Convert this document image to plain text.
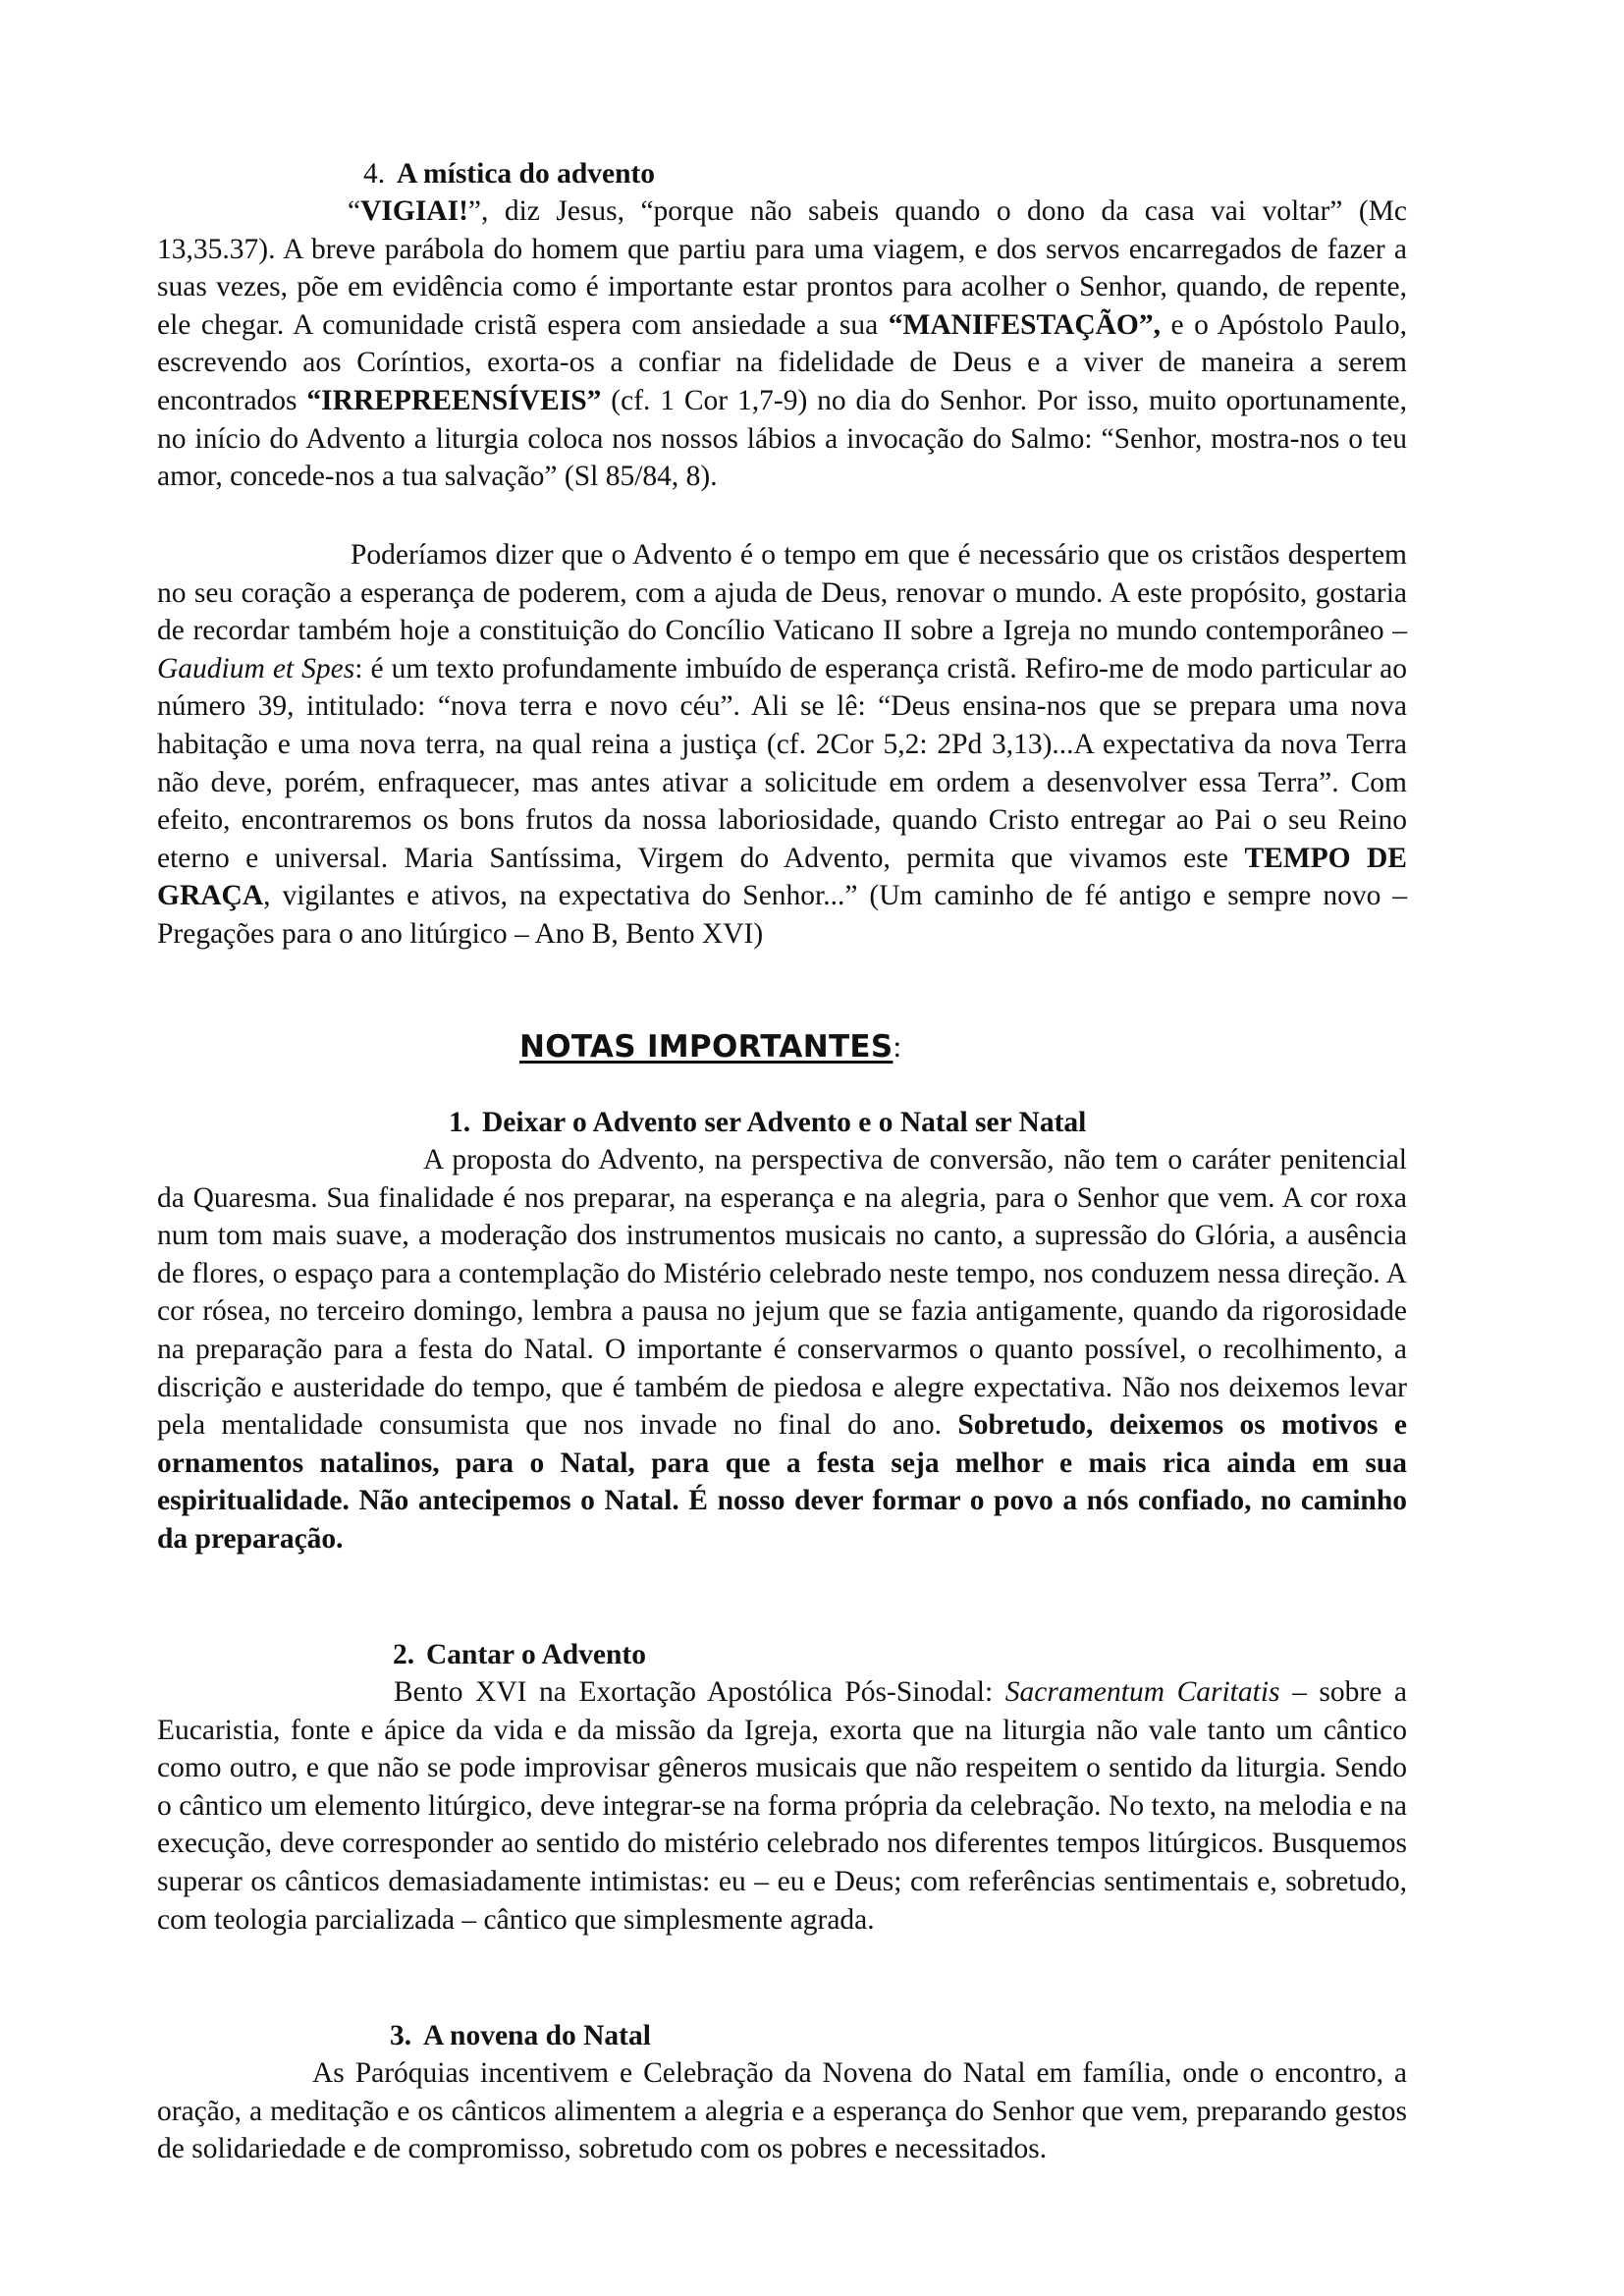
4. A mística do advento

“VIGIAI!”, diz Jesus, “porque não sabeis quando o dono da casa vai voltar” (Mc 13,35.37). A breve parábola do homem que partiu para uma viagem, e dos servos encarregados de fazer a suas vezes, põe em evidência como é importante estar prontos para acolher o Senhor, quando, de repente, ele chegar. A comunidade cristã espera com ansiedade a sua “MANIFESTAÇÃO”, e o Apóstolo Paulo, escrevendo aos Coríntios, exorta-os a confiar na fidelidade de Deus e a viver de maneira a serem encontrados “IRREPREENSÍVEIS” (cf. 1 Cor 1,7-9) no dia do Senhor. Por isso, muito oportunamente, no início do Advento a liturgia coloca nos nossos lábios a invocação do Salmo: “Senhor, mostra-nos o teu amor, concede-nos a tua salvação” (Sl 85/84, 8).

Poderíamos dizer que o Advento é o tempo em que é necessário que os cristãos despertem no seu coração a esperança de poderem, com a ajuda de Deus, renovar o mundo. A este propósito, gostaria de recordar também hoje a constituição do Concílio Vaticano II sobre a Igreja no mundo contemporâneo – Gaudium et Spes: é um texto profundamente imbuído de esperança cristã. Refiro-me de modo particular ao número 39, intitulado: “nova terra e novo céu”. Ali se lê: “Deus ensina-nos que se prepara uma nova habitação e uma nova terra, na qual reina a justiça (cf. 2Cor 5,2: 2Pd 3,13)...A expectativa da nova Terra não deve, porém, enfraquecer, mas antes ativar a solicitude em ordem a desenvolver essa Terra”. Com efeito, encontraremos os bons frutos da nossa laboriosidade, quando Cristo entregar ao Pai o seu Reino eterno e universal. Maria Santíssima, Virgem do Advento, permita que vivamos este TEMPO DE GRAÇA, vigilantes e ativos, na expectativa do Senhor...” (Um caminho de fé antigo e sempre novo – Pregações para o ano litúrgico – Ano B, Bento XVI)

NOTAS IMPORTANTES:
1. Deixar o Advento ser Advento e o Natal ser Natal

A proposta do Advento, na perspectiva de conversão, não tem o caráter penitencial da Quaresma. Sua finalidade é nos preparar, na esperança e na alegria, para o Senhor que vem. A cor roxa num tom mais suave, a moderação dos instrumentos musicais no canto, a supressão do Glória, a ausência de flores, o espaço para a contemplação do Mistério celebrado neste tempo, nos conduzem nessa direção. A cor rósea, no terceiro domingo, lembra a pausa no jejum que se fazia antigamente, quando da rigorosidade na preparação para a festa do Natal. O importante é conservarmos o quanto possível, o recolhimento, a discrição e austeridade do tempo, que é também de piedosa e alegre expectativa. Não nos deixemos levar pela mentalidade consumista que nos invade no final do ano. Sobretudo, deixemos os motivos e ornamentos natalinos, para o Natal, para que a festa seja melhor e mais rica ainda em sua espiritualidade. Não antecipemos o Natal. É nosso dever formar o povo a nós confiado, no caminho da preparação.

2. Cantar o Advento

Bento XVI na Exortação Apostólica Pós-Sinodal: Sacramentum Caritatis – sobre a Eucaristia, fonte e ápice da vida e da missão da Igreja, exorta que na liturgia não vale tanto um cântico como outro, e que não se pode improvisar gêneros musicais que não respeitem o sentido da liturgia. Sendo o cântico um elemento litúrgico, deve integrar-se na forma própria da celebração. No texto, na melodia e na execução, deve corresponder ao sentido do mistério celebrado nos diferentes tempos litúrgicos. Busquemos superar os cânticos demasiadamente intimistas: eu – eu e Deus; com referências sentimentais e, sobretudo, com teologia parcializada – cântico que simplesmente agrada.

3. A novena do Natal

As Paróquias incentivem e Celebração da Novena do Natal em família, onde o encontro, a oração, a meditação e os cânticos alimentem a alegria e a esperança do Senhor que vem, preparando gestos de solidariedade e de compromisso, sobretudo com os pobres e necessitados.
